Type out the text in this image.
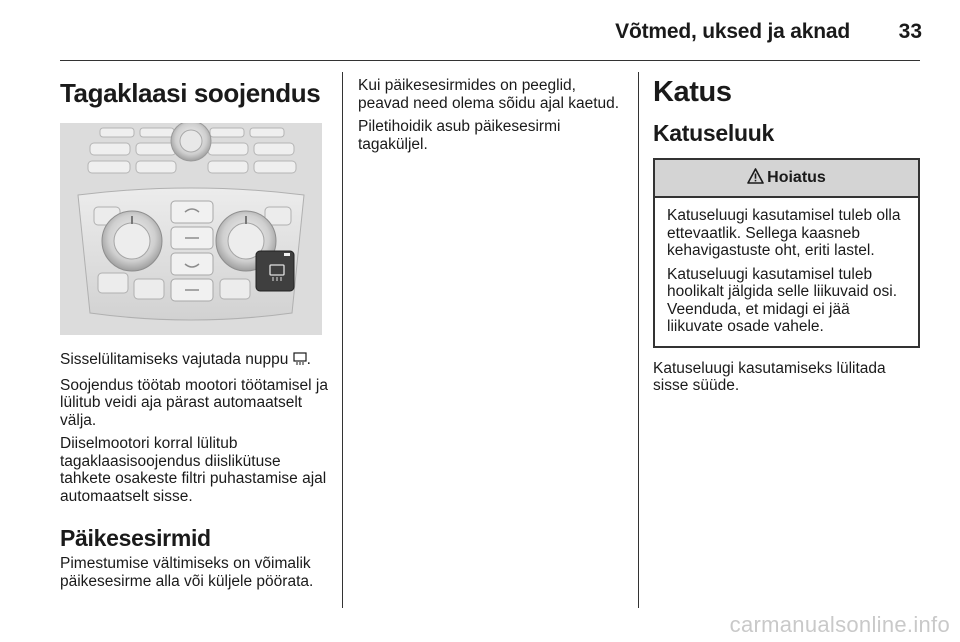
Võtmed, uksed ja aknad	33
Tagaklaasi soojendus

Sisselülitamiseks vajutada nuppu .

Soojendus töötab mootori töötamisel ja lülitub veidi aja pärast automaatselt välja.

Diiselmootori korral lülitub tagaklaasisoojendus diislikütuse tahkete osakeste filtri puhastamise ajal automaatselt sisse.

Päikesesirmid

Pimestumise vältimiseks on võimalik päikesesirme alla või küljele pöörata.

Kui päikesesirmides on peeglid, peavad need olema sõidu ajal kaetud.

Piletihoidik asub päikesesirmi tagaküljel.

Katus
Katuseluuk
Hoiatus

Katuseluugi kasutamisel tuleb olla ettevaatlik. Sellega kaasneb kehavigastuste oht, eriti lastel.

Katuseluugi kasutamisel tuleb hoolikalt jälgida selle liikuvaid osi. Veenduda, et midagi ei jää liikuvate osade vahele.

Katuseluugi kasutamiseks lülitada sisse süüde.

carmanualsonline.info
